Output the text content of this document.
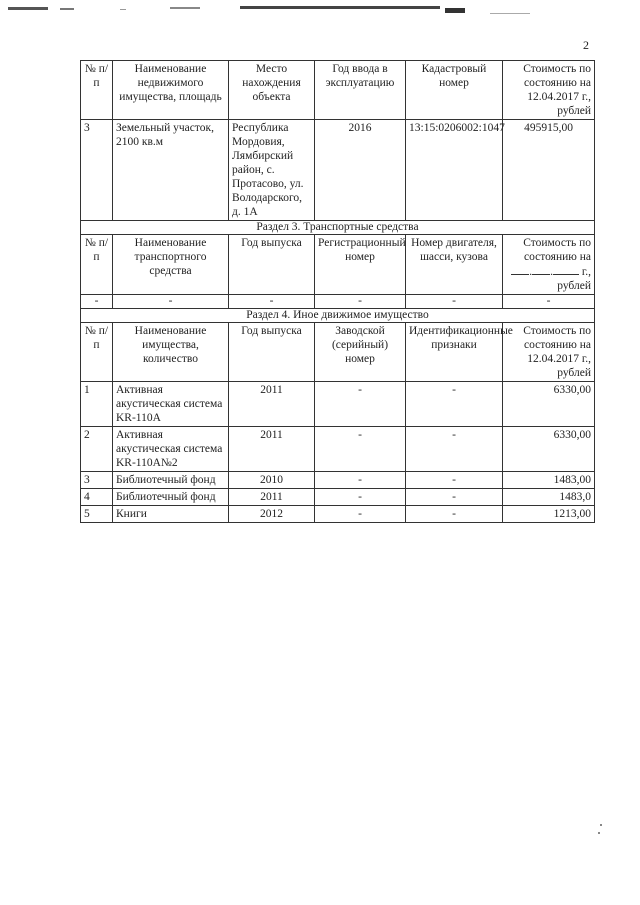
2
№ п/п	Наименование недвижимого имущества, площадь	Место нахождения объекта	Год ввода в эксплуатацию	Кадастровый номер	Стоимость по состоянию на 12.04.2017 г., рублей
3	Земельный участок, 2100 кв.м	Республика Мордовия, Лямбирский район, с. Протасово, ул. Володарского, д. 1А	2016	13:15:0206002:1047	495915,00
Раздел 3. Транспортные средства					
№ п/п	Наименование транспортного средства	Год выпуска	Регистрационный номер	Номер двигателя, шасси, кузова	Стоимость по состоянию на . . г., рублей
-	-	-	-	-	-
Раздел 4. Иное движимое имущество					
№ п/п	Наименование имущества, количество	Год выпуска	Заводской (серийный) номер	Идентификационные признаки	Стоимость по состоянию на 12.04.2017 г., рублей
1	Активная акустическая система KR-110A	2011	-	-	6330,00
2	Активная акустическая система KR-110A№2	2011	-	-	6330,00
3	Библиотечный фонд	2010	-	-	1483,00
4	Библиотечный фонд	2011	-	-	1483,0
5	Книги	2012	-	-	1213,00
